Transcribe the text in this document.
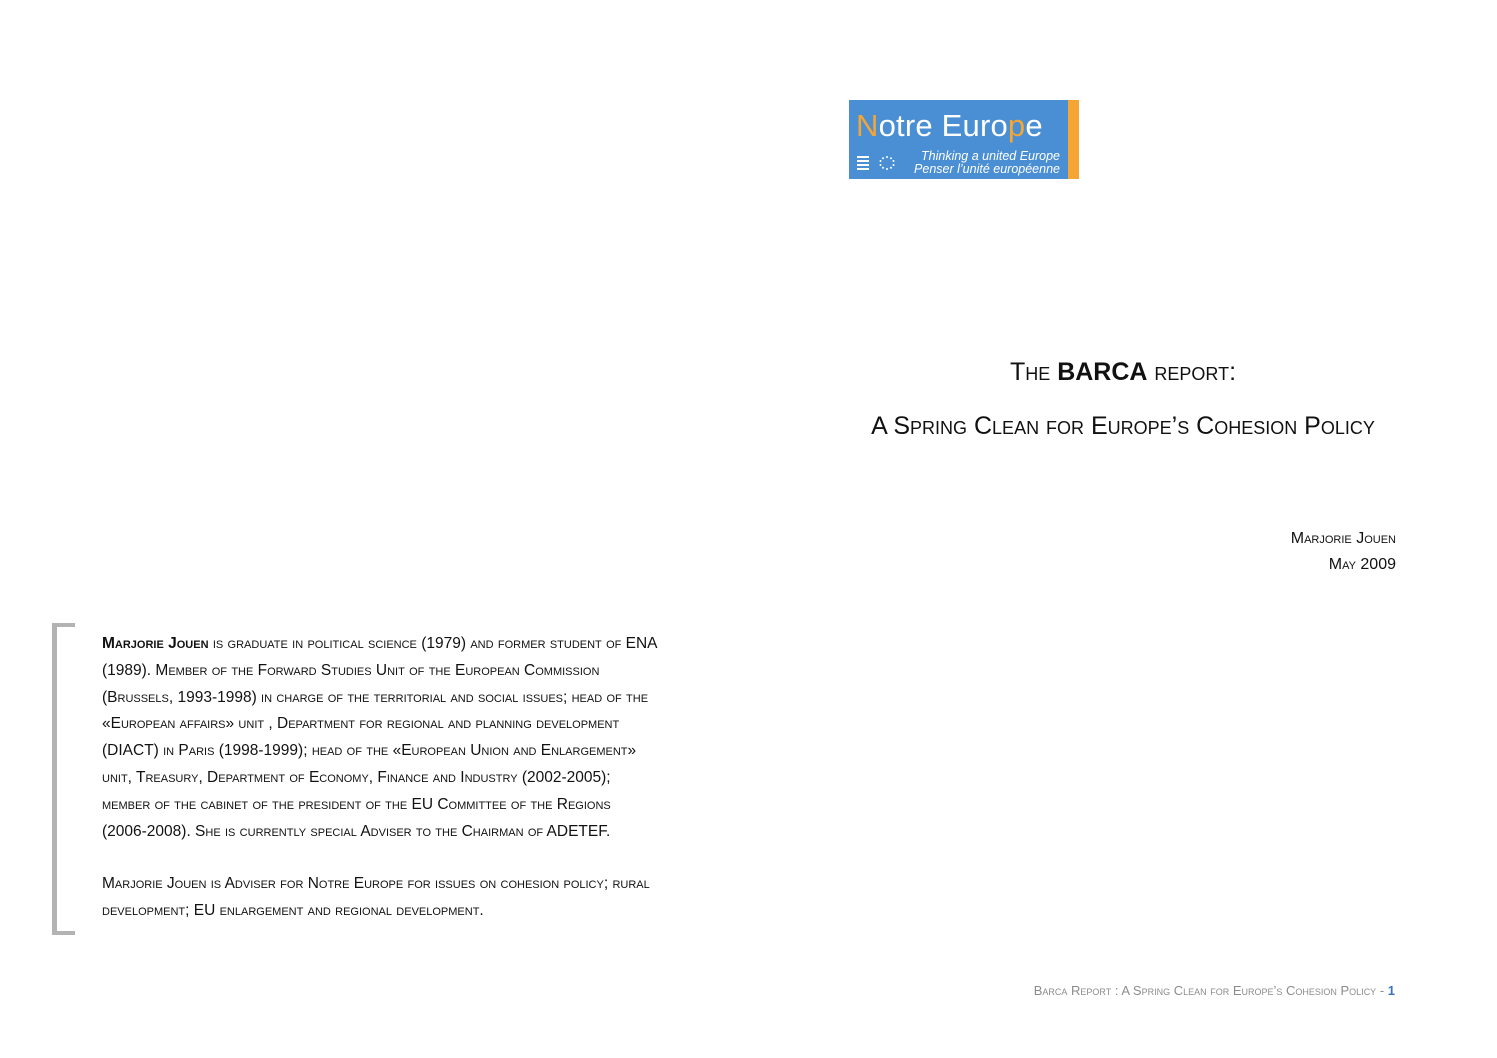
Notre Europe
Thinking a united Europe
Penser l’unité européenne
The BARCA report:
A Spring Clean for Europe’s Cohesion Policy
Marjorie Jouen
May 2009

Marjorie Jouen is graduate in political science (1979) and former student of ENA (1989). Member of the Forward Studies Unit of the European Commission (Brussels, 1993-1998) in charge of the territorial and social issues; head of the «European affairs» unit , Department for regional and planning development (DIACT) in Paris (1998-1999); head of the «European Union and Enlargement» unit, Treasury, Department of Economy, Finance and Industry (2002-2005); member of the cabinet of the president of the EU Committee of the Regions (2006-2008). She is currently special Adviser to the Chairman of ADETEF.

Marjorie Jouen is Adviser for Notre Europe for issues on cohesion policy; rural development; EU enlargement and regional development.

Barca Report : A Spring Clean for Europe’s Cohesion Policy - 1
